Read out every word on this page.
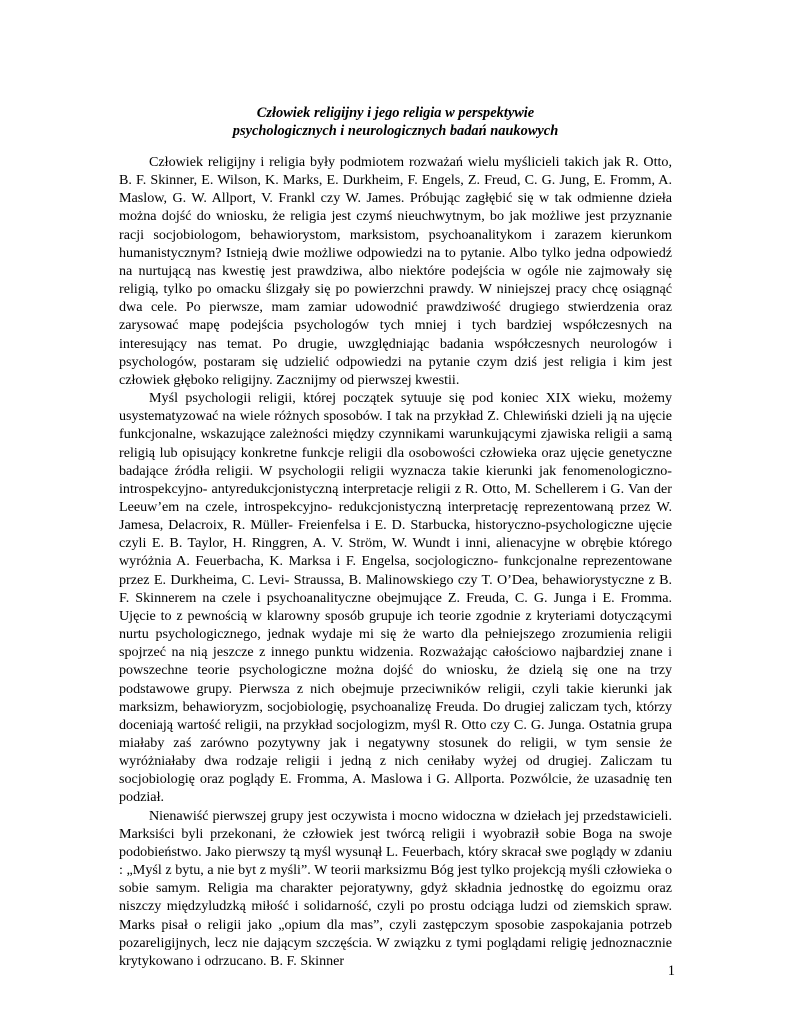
Człowiek religijny i jego religia w perspektywie
psychologicznych i neurologicznych badań naukowych

Człowiek religijny i religia były podmiotem rozważań wielu myślicieli takich jak R. Otto, B. F. Skinner, E. Wilson, K. Marks, E. Durkheim, F. Engels, Z. Freud, C. G. Jung, E. Fromm, A. Maslow, G. W. Allport, V. Frankl czy W. James. Próbując zagłębić się w tak odmienne dzieła można dojść do wniosku, że religia jest czymś nieuchwytnym, bo jak możliwe jest przyznanie racji socjobiologom, behawiorystom, marksistom, psychoanalitykom i zarazem kierunkom humanistycznym? Istnieją dwie możliwe odpowiedzi na to pytanie. Albo tylko jedna odpowiedź na nurtującą nas kwestię jest prawdziwa, albo niektóre podejścia w ogóle nie zajmowały się religią, tylko po omacku ślizgały się po powierzchni prawdy. W niniejszej pracy chcę osiągnąć dwa cele. Po pierwsze, mam zamiar udowodnić prawdziwość drugiego stwierdzenia oraz zarysować mapę podejścia psychologów tych mniej i tych bardziej współczesnych na interesujący nas temat. Po drugie, uwzględniając badania współczesnych neurologów i psychologów, postaram się udzielić odpowiedzi na pytanie czym dziś jest religia i kim jest człowiek głęboko religijny. Zacznijmy od pierwszej kwestii.

Myśl psychologii religii, której początek sytuuje się pod koniec XIX wieku, możemy usystematyzować na wiele różnych sposobów. I tak na przykład Z. Chlewiński dzieli ją na ujęcie funkcjonalne, wskazujące zależności między czynnikami warunkującymi zjawiska religii a samą religią lub opisujący konkretne funkcje religii dla osobowości człowieka oraz ujęcie genetyczne badające źródła religii. W psychologii religii wyznacza takie kierunki jak fenomenologiczno- introspekcyjno- antyredukcjonistyczną interpretacje religii z R. Otto, M. Schellerem i G. Van der Leeuw’em na czele, introspekcyjno- redukcjonistyczną interpretację reprezentowaną przez W. Jamesa, Delacroix, R. Müller- Freienfelsa i E. D. Starbucka, historyczno-psychologiczne ujęcie czyli E. B. Taylor, H. Ringgren, A. V. Ström, W. Wundt i inni, alienacyjne w obrębie którego wyróżnia A. Feuerbacha, K. Marksa i F. Engelsa, socjologiczno- funkcjonalne reprezentowane przez E. Durkheima, C. Levi- Straussa, B. Malinowskiego czy T. O’Dea, behawiorystyczne z B. F. Skinnerem na czele i psychoanalityczne obejmujące Z. Freuda, C. G. Junga i E. Fromma. Ujęcie to z pewnością w klarowny sposób grupuje ich teorie zgodnie z kryteriami dotyczącymi nurtu psychologicznego, jednak wydaje mi się że warto dla pełniejszego zrozumienia religii spojrzeć na nią jeszcze z innego punktu widzenia. Rozważając całościowo najbardziej znane i powszechne teorie psychologiczne można dojść do wniosku, że dzielą się one na trzy podstawowe grupy. Pierwsza z nich obejmuje przeciwników religii, czyli takie kierunki jak marksizm, behawioryzm, socjobiologię, psychoanalizę Freuda. Do drugiej zaliczam tych, którzy doceniają wartość religii, na przykład socjologizm, myśl R. Otto czy C. G. Junga. Ostatnia grupa miałaby zaś zarówno pozytywny jak i negatywny stosunek do religii, w tym sensie że wyróżniałaby dwa rodzaje religii i jedną z nich ceniłaby wyżej od drugiej. Zaliczam tu socjobiologię oraz poglądy E. Fromma, A. Maslowa i G. Allporta. Pozwólcie, że uzasadnię ten podział.

Nienawiść pierwszej grupy jest oczywista i mocno widoczna w dziełach jej przedstawicieli. Marksiści byli przekonani, że człowiek jest twórcą religii i wyobraził sobie Boga na swoje podobieństwo. Jako pierwszy tą myśl wysunął L. Feuerbach, który skracał swe poglądy w zdaniu : „Myśl z bytu, a nie byt z myśli”. W teorii marksizmu Bóg jest tylko projekcją myśli człowieka o sobie samym. Religia ma charakter pejoratywny, gdyż składnia jednostkę do egoizmu oraz niszczy międzyludzką miłość i solidarność, czyli po prostu odciąga ludzi od ziemskich spraw. Marks pisał o religii jako „opium dla mas”, czyli zastępczym sposobie zaspokajania potrzeb pozareligijnych, lecz nie dającym szczęścia. W związku z tymi poglądami religię jednoznacznie krytykowano i odrzucano. B. F. Skinner

1
